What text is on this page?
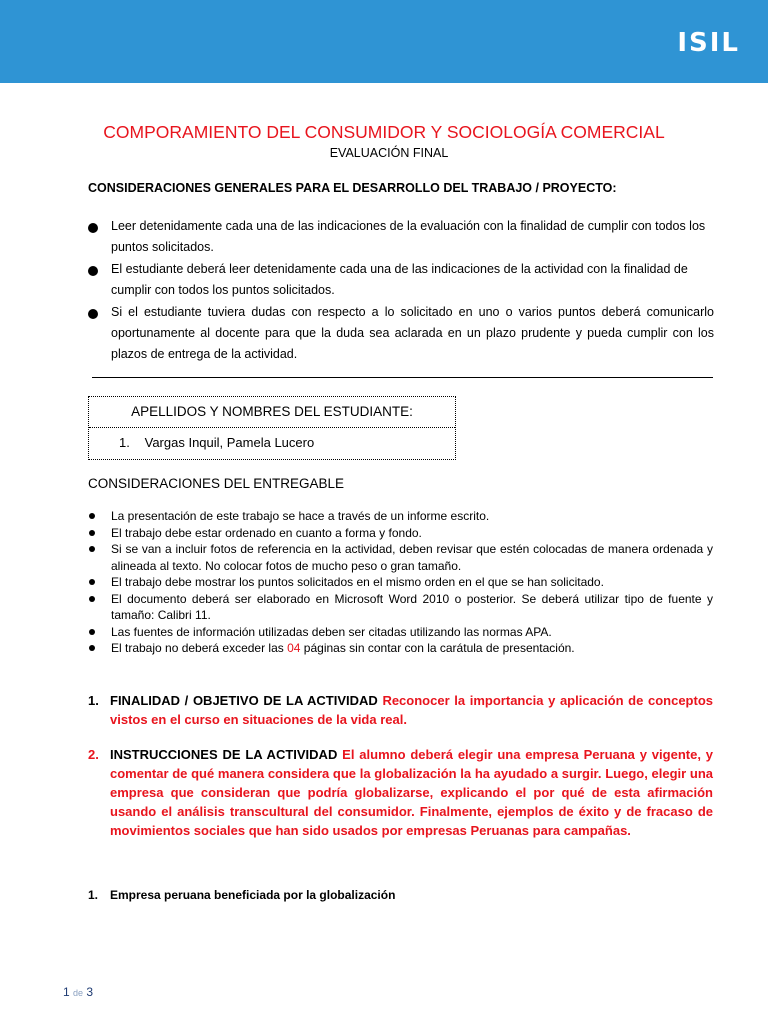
ISIL
COMPORAMIENTO DEL CONSUMIDOR Y SOCIOLOGÍA COMERCIAL
EVALUACIÓN FINAL
CONSIDERACIONES GENERALES PARA EL DESARROLLO DEL TRABAJO / PROYECTO:
Leer detenidamente cada una de las indicaciones de la evaluación con la finalidad de cumplir con todos los puntos solicitados.
El estudiante deberá leer detenidamente cada una de las indicaciones de la actividad con la finalidad de cumplir con todos los puntos solicitados.
Si el estudiante tuviera dudas con respecto a lo solicitado en uno o varios puntos deberá comunicarlo oportunamente al docente para que la duda sea aclarada en un plazo prudente y pueda cumplir con los plazos de entrega de la actividad.
APELLIDOS Y NOMBRES DEL ESTUDIANTE:
1. Vargas Inquil, Pamela Lucero
CONSIDERACIONES DEL ENTREGABLE
La presentación de este trabajo se hace a través de un informe escrito.
El trabajo debe estar ordenado en cuanto a forma y fondo.
Si se van a incluir fotos de referencia en la actividad, deben revisar que estén colocadas de manera ordenada y alineada al texto. No colocar fotos de mucho peso o gran tamaño.
El trabajo debe mostrar los puntos solicitados en el mismo orden en el que se han solicitado.
El documento deberá ser elaborado en Microsoft Word 2010 o posterior. Se deberá utilizar tipo de fuente y tamaño: Calibri 11.
Las fuentes de información utilizadas deben ser citadas utilizando las normas APA.
El trabajo no deberá exceder las 04 páginas sin contar con la carátula de presentación.
1. FINALIDAD / OBJETIVO DE LA ACTIVIDAD Reconocer la importancia y aplicación de conceptos vistos en el curso en situaciones de la vida real.
2. INSTRUCCIONES DE LA ACTIVIDAD El alumno deberá elegir una empresa Peruana y vigente, y comentar de qué manera considera que la globalización la ha ayudado a surgir. Luego, elegir una empresa que consideran que podría globalizarse, explicando el por qué de esta afirmación usando el análisis transcultural del consumidor. Finalmente, ejemplos de éxito y de fracaso de movimientos sociales que han sido usados por empresas Peruanas para campañas.
1. Empresa peruana beneficiada por la globalización
1 de 3
